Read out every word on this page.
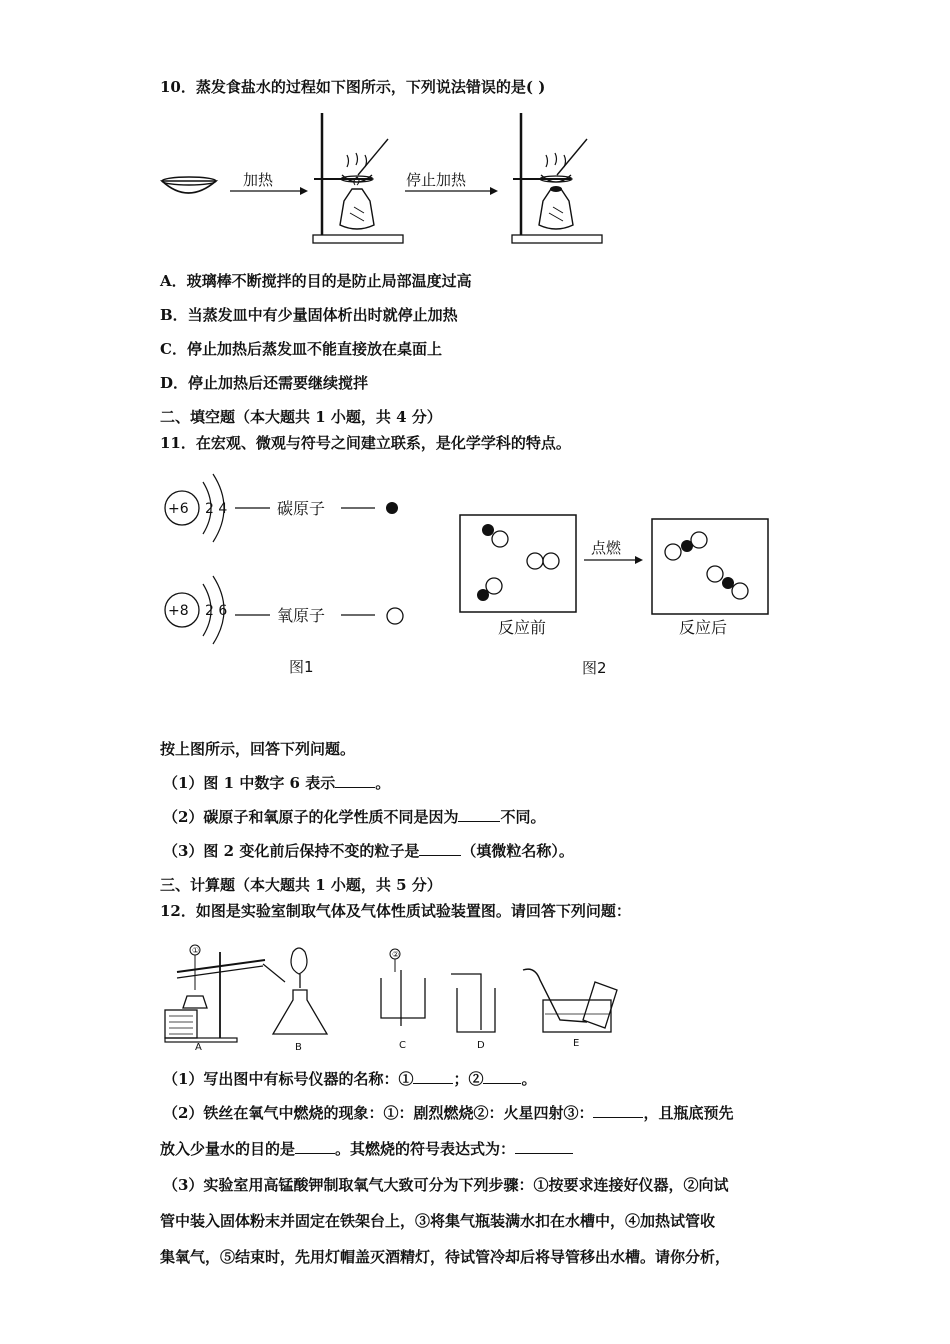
10．蒸发食盐水的过程如下图所示，下列说法错误的是( )
加热	停止加热
A．玻璃棒不断搅拌的目的是防止局部温度过高
B．当蒸发皿中有少量固体析出时就停止加热
C．停止加热后蒸发皿不能直接放在桌面上
D．停止加热后还需要继续搅拌
二、填空题（本大题共 1 小题，共 4 分）
11．在宏观、微观与符号之间建立联系，是化学学科的特点。
+6 2 4	碳原子
+8 2 6	氧原子
图1
点燃
反应前	反应后
图2
按上图所示，回答下列问题。
（1）图 1 中数字 6 表示	。
（2）碳原子和氧原子的化学性质不同是因为	不同。
（3）图 2 变化前后保持不变的粒子是	（填微粒名称）。
三、计算题（本大题共 1 小题，共 5 分）
12．如图是实验室制取气体及气体性质试验装置图。请回答下列问题：
①
A	B
②
C	D	E
（1）写出图中有标号仪器的名称：①	；②	。
（2）铁丝在氧气中燃烧的现象：①：剧烈燃烧②：火星四射③：	，且瓶底预先
放入少量水的目的是	。其燃烧的符号表达式为：
（3）实验室用高锰酸钾制取氧气大致可分为下列步骤：①按要求连接好仪器，②向试
管中装入固体粉末并固定在铁架台上，③将集气瓶装满水扣在水槽中，④加热试管收
集氧气，⑤结束时，先用灯帽盖灭酒精灯，待试管冷却后将导管移出水槽。请你分析，
